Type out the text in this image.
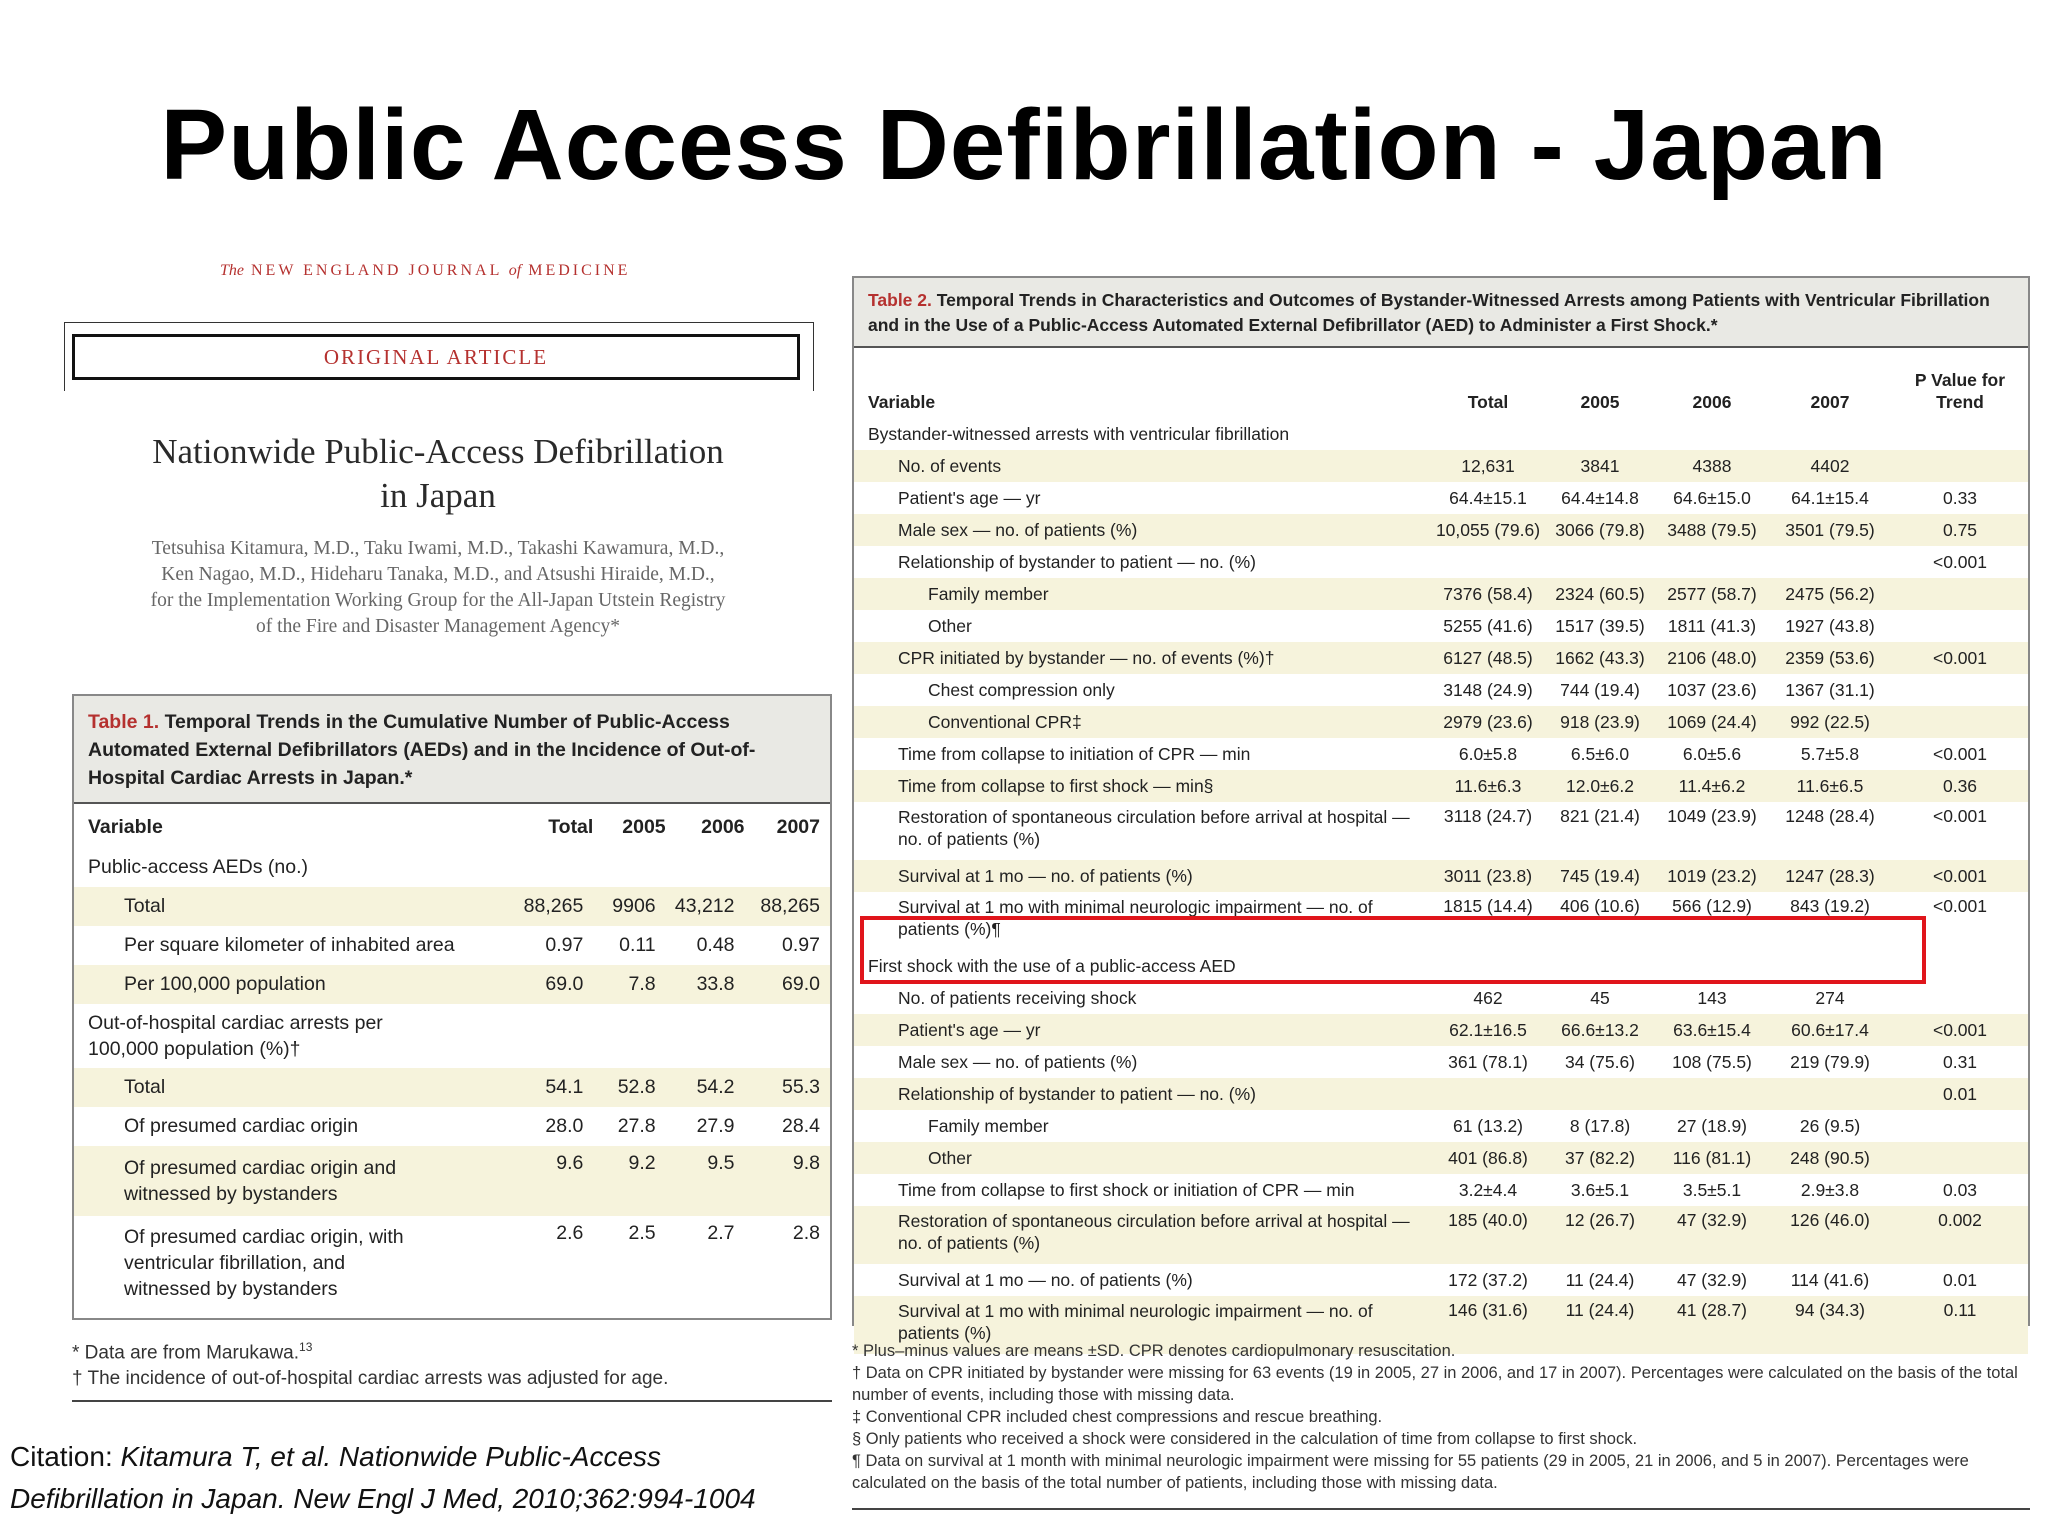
Public Access Defibrillation - Japan
The NEW ENGLAND JOURNAL of MEDICINE
ORIGINAL ARTICLE
Nationwide Public-Access Defibrillation
in Japan
Tetsuhisa Kitamura, M.D., Taku Iwami, M.D., Takashi Kawamura, M.D.,
Ken Nagao, M.D., Hideharu Tanaka, M.D., and Atsushi Hiraide, M.D.,
for the Implementation Working Group for the All-Japan Utstein Registry
of the Fire and Disaster Management Agency*
Table 1. Temporal Trends in the Cumulative Number of Public-Access Automated External Defibrillators (AEDs) and in the Incidence of Out-of-Hospital Cardiac Arrests in Japan.*
Variable	Total	2005	2006	2007
Public-access AEDs (no.)				
Total	88,265	9906	43,212	88,265
Per square kilometer of inhabited area	0.97	0.11	0.48	0.97
Per 100,000 population	69.0	7.8	33.8	69.0
Out-of-hospital cardiac arrests per 100,000 population (%)†				
Total	54.1	52.8	54.2	55.3
Of presumed cardiac origin	28.0	27.8	27.9	28.4
Of presumed cardiac origin and witnessed by bystanders	9.6	9.2	9.5	9.8
Of presumed cardiac origin, with ventricular fibrillation, and witnessed by bystanders	2.6	2.5	2.7	2.8
* Data are from Marukawa.$^{13}$
† The incidence of out-of-hospital cardiac arrests was adjusted for age.
Citation: Kitamura T, et al. Nationwide Public-Access
Defibrillation in Japan. New Engl J Med, 2010;362:994-1004
Table 2. Temporal Trends in Characteristics and Outcomes of Bystander-Witnessed Arrests among Patients with Ventricular Fibrillation and in the Use of a Public-Access Automated External Defibrillator (AED) to Administer a First Shock.*
Variable	Total	2005	2006	2007	P Value for Trend
Bystander-witnessed arrests with ventricular fibrillation					
No. of events	12,631	3841	4388	4402	
Patient's age — yr	64.4±15.1	64.4±14.8	64.6±15.0	64.1±15.4	0.33
Male sex — no. of patients (%)	10,055 (79.6)	3066 (79.8)	3488 (79.5)	3501 (79.5)	0.75
Relationship of bystander to patient — no. (%)					<0.001
Family member	7376 (58.4)	2324 (60.5)	2577 (58.7)	2475 (56.2)	
Other	5255 (41.6)	1517 (39.5)	1811 (41.3)	1927 (43.8)	
CPR initiated by bystander — no. of events (%)†	6127 (48.5)	1662 (43.3)	2106 (48.0)	2359 (53.6)	<0.001
Chest compression only	3148 (24.9)	744 (19.4)	1037 (23.6)	1367 (31.1)	
Conventional CPR‡	2979 (23.6)	918 (23.9)	1069 (24.4)	992 (22.5)	
Time from collapse to initiation of CPR — min	6.0±5.8	6.5±6.0	6.0±5.6	5.7±5.8	<0.001
Time from collapse to first shock — min§	11.6±6.3	12.0±6.2	11.4±6.2	11.6±6.5	0.36
Restoration of spontaneous circulation before arrival at hospital — no. of patients (%)	3118 (24.7)	821 (21.4)	1049 (23.9)	1248 (28.4)	<0.001
Survival at 1 mo — no. of patients (%)	3011 (23.8)	745 (19.4)	1019 (23.2)	1247 (28.3)	<0.001
Survival at 1 mo with minimal neurologic impairment — no. of patients (%)¶	1815 (14.4)	406 (10.6)	566 (12.9)	843 (19.2)	<0.001
First shock with the use of a public-access AED					
No. of patients receiving shock	462	45	143	274	
Patient's age — yr	62.1±16.5	66.6±13.2	63.6±15.4	60.6±17.4	<0.001
Male sex — no. of patients (%)	361 (78.1)	34 (75.6)	108 (75.5)	219 (79.9)	0.31
Relationship of bystander to patient — no. (%)					0.01
Family member	61 (13.2)	8 (17.8)	27 (18.9)	26 (9.5)	
Other	401 (86.8)	37 (82.2)	116 (81.1)	248 (90.5)	
Time from collapse to first shock or initiation of CPR — min	3.2±4.4	3.6±5.1	3.5±5.1	2.9±3.8	0.03
Restoration of spontaneous circulation before arrival at hospital — no. of patients (%)	185 (40.0)	12 (26.7)	47 (32.9)	126 (46.0)	0.002
Survival at 1 mo — no. of patients (%)	172 (37.2)	11 (24.4)	47 (32.9)	114 (41.6)	0.01
Survival at 1 mo with minimal neurologic impairment — no. of patients (%)	146 (31.6)	11 (24.4)	41 (28.7)	94 (34.3)	0.11
* Plus–minus values are means ±SD. CPR denotes cardiopulmonary resuscitation.
† Data on CPR initiated by bystander were missing for 63 events (19 in 2005, 27 in 2006, and 17 in 2007). Percentages were calculated on the basis of the total number of events, including those with missing data.
‡ Conventional CPR included chest compressions and rescue breathing.
§ Only patients who received a shock were considered in the calculation of time from collapse to first shock.
¶ Data on survival at 1 month with minimal neurologic impairment were missing for 55 patients (29 in 2005, 21 in 2006, and 5 in 2007). Percentages were calculated on the basis of the total number of patients, including those with missing data.
